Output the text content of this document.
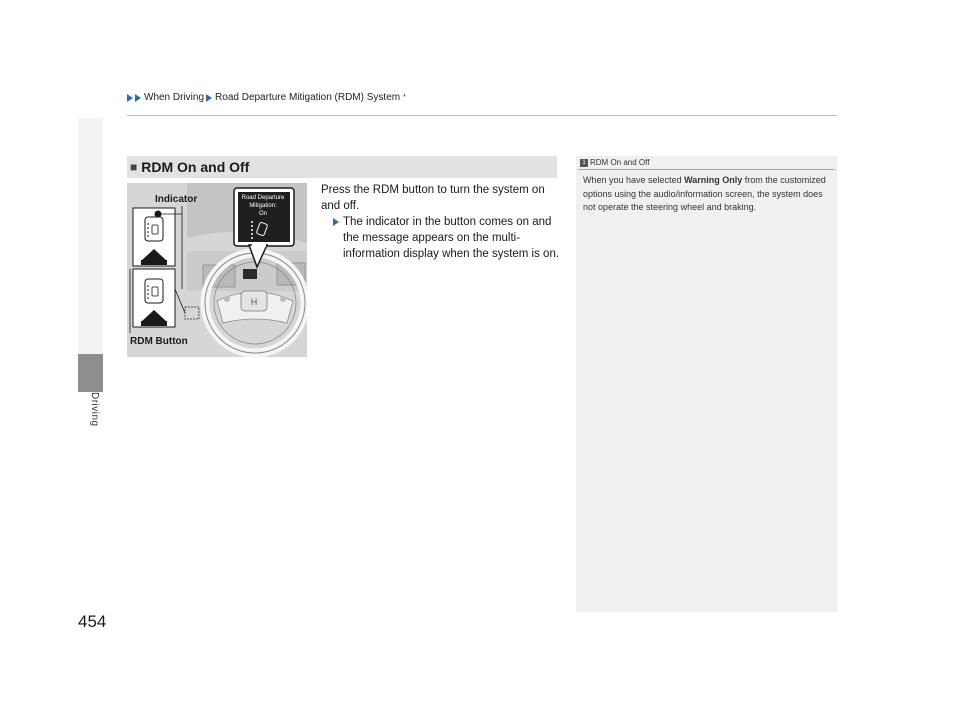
When Driving Road Departure Mitigation (RDM) System *
Driving
454
■ RDM On and Off
H
Indicator
RDM Button
Road Departure
Mitigation:
On
Press the RDM button to turn the system on and off.
The indicator in the button comes on and the message appears on the multi-information display when the system is on.
1 RDM On and Off
When you have selected Warning Only from the customized options using the audio/information screen, the system does not operate the steering wheel and braking.
